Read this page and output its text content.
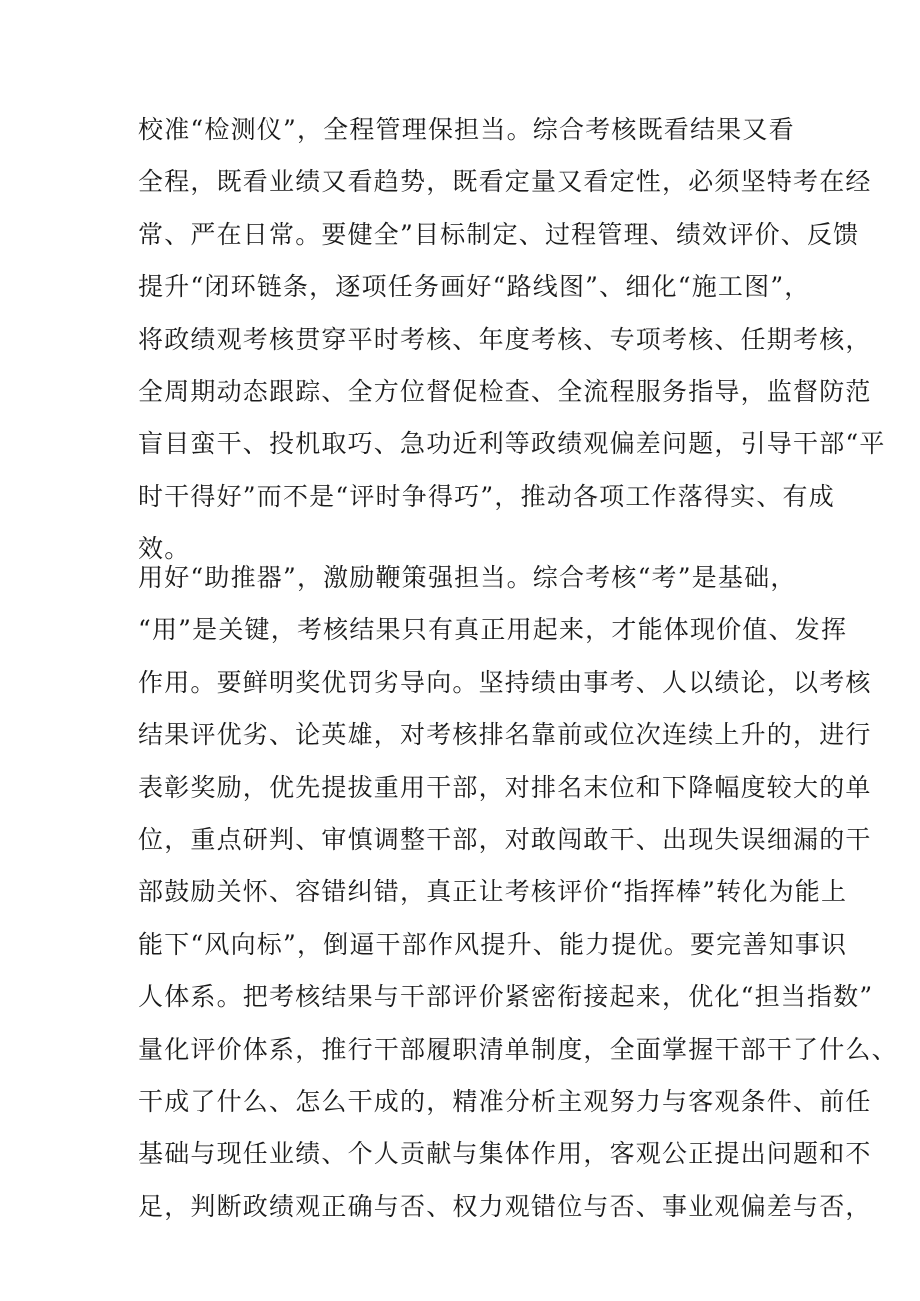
校准“检测仪”，全程管理保担当。综合考核既看结果又看
全程，既看业绩又看趋势，既看定量又看定性，必须坚特考在经
常、严在日常。要健全”目标制定、过程管理、绩效评价、反馈
提升“闭环链条，逐项任务画好“路线图”、细化“施工图”，
将政绩观考核贯穿平时考核、年度考核、专项考核、任期考核，
全周期动态跟踪、全方位督促检查、全流程服务指导，监督防范
盲目蛮干、投机取巧、急功近利等政绩观偏差问题，引导干部“平
时干得好”而不是“评时争得巧”，推动各项工作落得实、有成
效。
用好“助推器”，激励鞭策强担当。综合考核“考”是基础，
“用”是关键，考核结果只有真正用起来，才能体现价值、发挥
作用。要鲜明奖优罚劣导向。坚持绩由事考、人以绩论，以考核
结果评优劣、论英雄，对考核排名靠前或位次连续上升的，进行
表彰奖励，优先提拔重用干部，对排名末位和下降幅度较大的单
位，重点研判、审慎调整干部，对敢闯敢干、出现失误细漏的干
部鼓励关怀、容错纠错，真正让考核评价“指挥棒”转化为能上
能下“风向标”，倒逼干部作风提升、能力提优。要完善知事识
人体系。把考核结果与干部评价紧密衔接起来，优化“担当指数”
量化评价体系，推行干部履职清单制度，全面掌握干部干了什么、
干成了什么、怎么干成的，精准分析主观努力与客观条件、前任
基础与现任业绩、个人贡献与集体作用，客观公正提出问题和不
足，判断政绩观正确与否、权力观错位与否、事业观偏差与否，
